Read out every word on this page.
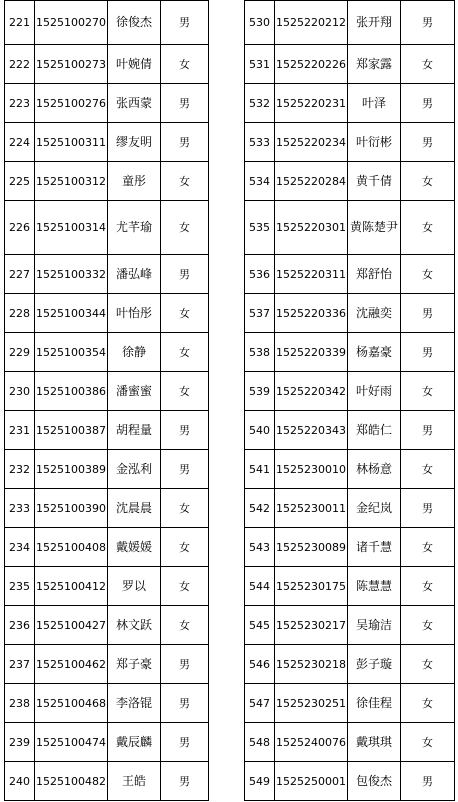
221	1525100270	徐俊杰	男
222	1525100273	叶婉倩	女
223	1525100276	张西蒙	男
224	1525100311	缪友明	男
225	1525100312	童彤	女
226	1525100314	尤芊瑜	女
227	1525100332	潘弘峰	男
228	1525100344	叶怡彤	女
229	1525100354	徐静	女
230	1525100386	潘蜜蜜	女
231	1525100387	胡程量	男
232	1525100389	金泓利	男
233	1525100390	沈晨晨	女
234	1525100408	戴媛媛	女
235	1525100412	罗以	女
236	1525100427	林文跃	女
237	1525100462	郑子豪	男
238	1525100468	李洛锟	男
239	1525100474	戴辰麟	男
240	1525100482	王皓	男
530	1525220212	张开翔	男
531	1525220226	郑家露	女
532	1525220231	叶泽	男
533	1525220234	叶衍彬	男
534	1525220284	黄千倩	女
535	1525220301	黄陈楚尹	女
536	1525220311	郑舒怡	女
537	1525220336	沈融奕	男
538	1525220339	杨嘉豪	男
539	1525220342	叶好雨	女
540	1525220343	郑皓仁	男
541	1525230010	林杨意	女
542	1525230011	金纪岚	男
543	1525230089	诸千慧	女
544	1525230175	陈慧慧	女
545	1525230217	吴瑜洁	女
546	1525230218	彭子璇	女
547	1525230251	徐佳程	女
548	1525240076	戴琪琪	女
549	1525250001	包俊杰	男
